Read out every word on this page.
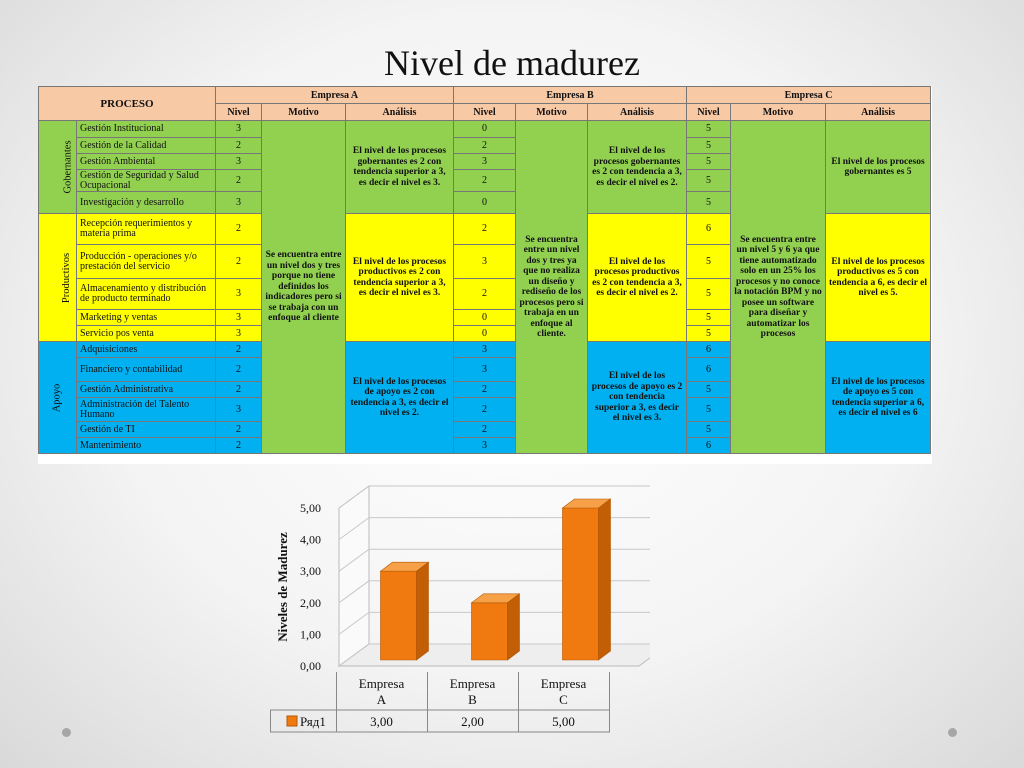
Nivel de madurez
PROCESO		Empresa A			Empresa B			Empresa C		
		Nivel	Motivo	Análisis	Nivel	Motivo	Análisis	Nivel	Motivo	Análisis
Gobernantes	Gestión Institucional	3	Se encuentra entre un nivel dos y tres porque no tiene definidos los indicadores pero si se trabaja con un enfoque al cliente	El nivel de los procesos gobernantes es 2 con tendencia superior a 3, es decir el nivel es 3.	0	Se encuentra entre un nivel dos y tres ya que no realiza un diseño y rediseño de los procesos pero si trabaja en un enfoque al cliente.	El nivel de los procesos gobernantes es 2 con tendencia a 3, es decir el nivel es 2.	5	Se encuentra entre un nivel 5 y 6 ya que tiene automatizado solo en un 25% los procesos y no conoce la notación BPM y no posee un software para diseñar y automatizar los procesos	El nivel de los procesos gobernantes es 5
	Gestión de la Calidad	2			2			5		
	Gestión Ambiental	3			3			5		
	Gestión de Seguridad y Salud Ocupacional	2			2			5		
	Investigación y desarrollo	3			0			5		
Productivos	Recepción requerimientos y materia prima	2		El nivel de los procesos productivos es 2 con tendencia superior a 3, es decir el nivel es 3.	2		El nivel de los procesos productivos es 2 con tendencia a 3, es decir el nivel es 2.	6		El nivel de los procesos productivos es 5 con tendencia a 6, es decir el nivel es 5.
	Producción - operaciones y/o prestación del servicio	2			3			5		
	Almacenamiento y distribución de producto terminado	3			2			5		
	Marketing y ventas	3			0			5		
	Servicio pos venta	3			0			5		
Apoyo	Adquisiciones	2		El nivel de los procesos de apoyo es 2 con tendencia a 3, es decir el nivel es 2.	3		El nivel de los procesos de apoyo es 2 con tendencia superior a 3, es decir el nivel es 3.	6		El nivel de los procesos de apoyo es 5 con tendencia superior a 6, es decir el nivel es 6
	Financiero y contabilidad	2			3			6		
	Gestión Administrativa	2			2			5		
	Administración del Talento Humano	3			2			5		
	Gestión de TI	2			2			5		
	Mantenimiento	2			3			6		
0,00
1,00
2,00
3,00
4,00
5,00
Niveles de Madurez
Empresa
A
3,00
Empresa
B
2,00
Empresa
C
5,00
Ряд1
